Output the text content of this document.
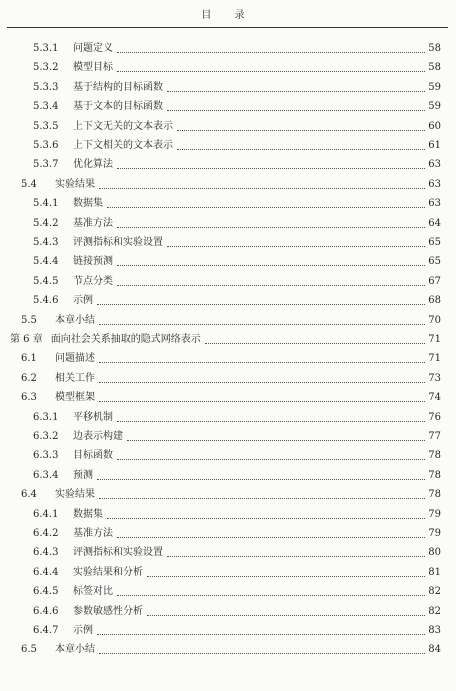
目 录
5.3.1	问题定义	58
5.3.2	模型目标	58
5.3.3	基于结构的目标函数	59
5.3.4	基于文本的目标函数	59
5.3.5	上下文无关的文本表示	60
5.3.6	上下文相关的文本表示	61
5.3.7	优化算法	63
5.4	实验结果	63
5.4.1	数据集	63
5.4.2	基准方法	64
5.4.3	评测指标和实验设置	65
5.4.4	链接预测	65
5.4.5	节点分类	67
5.4.6	示例	68
5.5	本章小结	70
第 6 章 面向社会关系抽取的隐式网络表示	71
6.1	问题描述	71
6.2	相关工作	73
6.3	模型框架	74
6.3.1	平移机制	76
6.3.2	边表示构建	77
6.3.3	目标函数	78
6.3.4	预测	78
6.4	实验结果	78
6.4.1	数据集	79
6.4.2	基准方法	79
6.4.3	评测指标和实验设置	80
6.4.4	实验结果和分析	81
6.4.5	标签对比	82
6.4.6	参数敏感性分析	82
6.4.7	示例	83
6.5	本章小结	84
